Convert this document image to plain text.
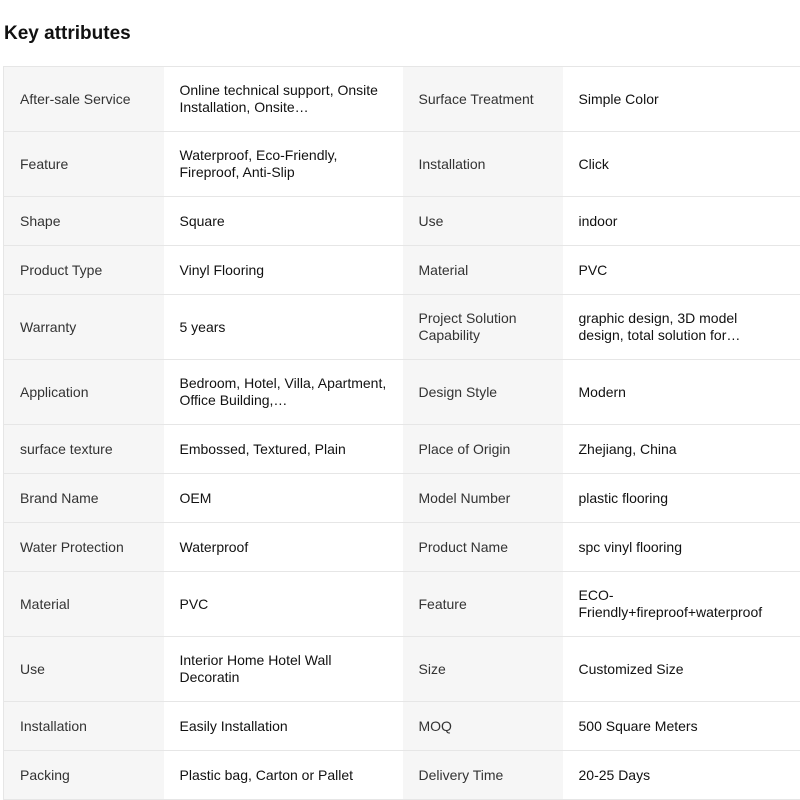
Key attributes
After-sale Service	Online technical support, Onsite Installation, Onsite…	Surface Treatment	Simple Color
Feature	Waterproof, Eco-Friendly, Fireproof, Anti-Slip	Installation	Click
Shape	Square	Use	indoor
Product Type	Vinyl Flooring	Material	PVC
Warranty	5 years	Project Solution Capability	graphic design, 3D model design, total solution for…
Application	Bedroom, Hotel, Villa, Apartment, Office Building,…	Design Style	Modern
surface texture	Embossed, Textured, Plain	Place of Origin	Zhejiang, China
Brand Name	OEM	Model Number	plastic flooring
Water Protection	Waterproof	Product Name	spc vinyl flooring
Material	PVC	Feature	ECO-Friendly+fireproof+waterproof
Use	Interior Home Hotel Wall Decoratin	Size	Customized Size
Installation	Easily Installation	MOQ	500 Square Meters
Packing	Plastic bag, Carton or Pallet	Delivery Time	20-25 Days
